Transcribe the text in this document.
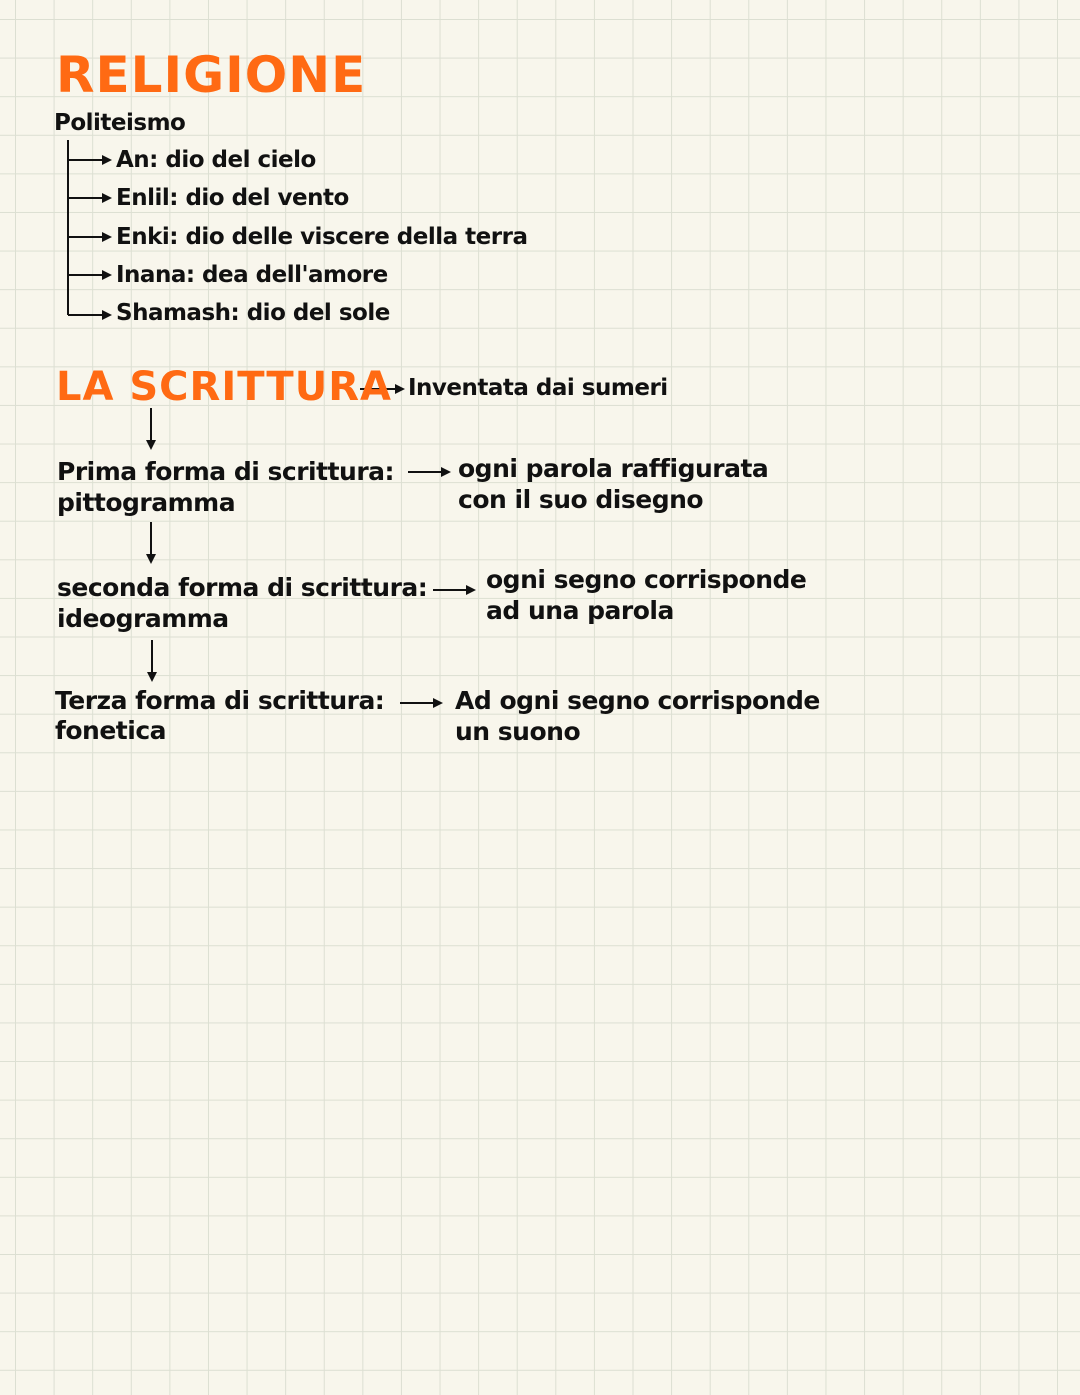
RELIGIONE
Politeismo
An: dio del cielo
Enlil: dio del vento
Enki: dio delle viscere della terra
Inana: dea dell'amore
Shamash: dio del sole
LA SCRITTURA Inventata dai sumeri
Prima forma di scrittura:
pittogramma
ogni parola raffigurata
con il suo disegno
seconda forma di scrittura:
ideogramma
ogni segno corrisponde
ad una parola
Terza forma di scrittura:
fonetica
Ad ogni segno corrisponde
un suono
